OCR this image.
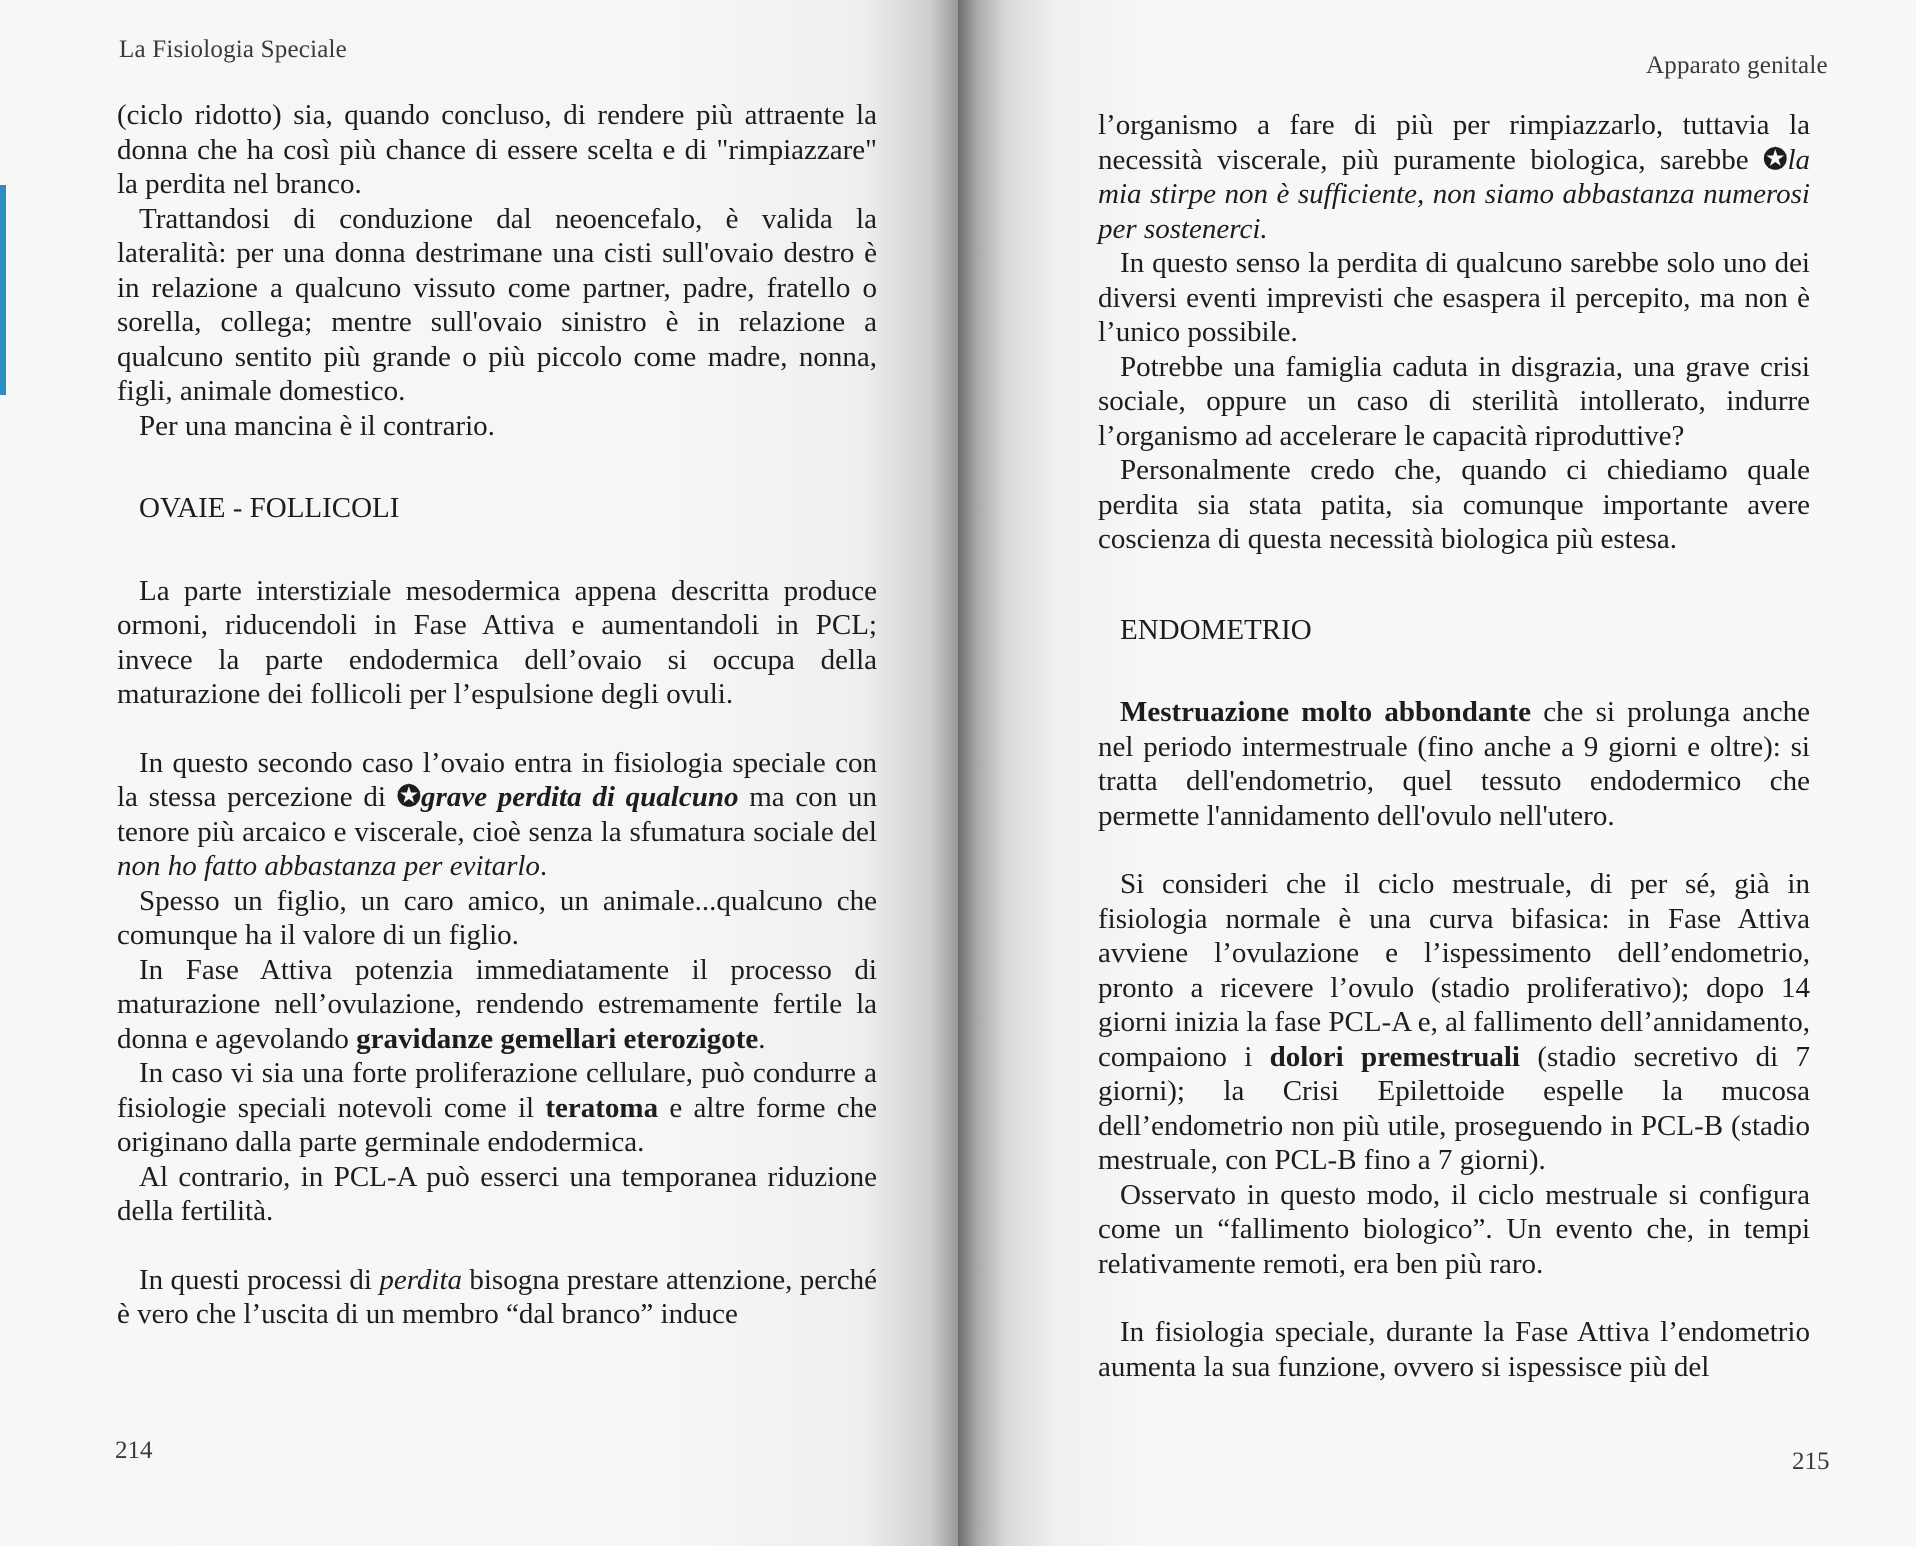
La Fisiologia Speciale

(ciclo ridotto) sia, quando concluso, di rendere più attraente la donna che ha così più chance di essere scelta e di "rimpiazzare" la perdita nel branco.

Trattandosi di conduzione dal neoencefalo, è valida la lateralità: per una donna destrimane una cisti sull'ovaio destro è in relazione a qualcuno vissuto come partner, padre, fratello o sorella, collega; mentre sull'ovaio sinistro è in relazione a qualcuno sentito più grande o più piccolo come madre, nonna, figli, animale domestico.

Per una mancina è il contrario.

OVAIE - FOLLICOLI

La parte interstiziale mesodermica appena descritta produce ormoni, riducendoli in Fase Attiva e aumentandoli in PCL; invece la parte endodermica dell’ovaio si occupa della maturazione dei follicoli per l’espulsione degli ovuli.

In questo secondo caso l’ovaio entra in fisiologia speciale con la stessa percezione di ✪grave perdita di qualcuno ma con un tenore più arcaico e viscerale, cioè senza la sfumatura sociale del non ho fatto abbastanza per evitarlo.

Spesso un figlio, un caro amico, un animale...qualcuno che comunque ha il valore di un figlio.

In Fase Attiva potenzia immediatamente il processo di maturazione nell’ovulazione, rendendo estremamente fertile la donna e agevolando gravidanze gemellari eterozigote.

In caso vi sia una forte proliferazione cellulare, può condurre a fisiologie speciali notevoli come il teratoma e altre forme che originano dalla parte germinale endodermica.

Al contrario, in PCL-A può esserci una temporanea riduzione della fertilità.

In questi processi di perdita bisogna prestare attenzione, perché è vero che l’uscita di un membro “dal branco” induce

214
Apparato genitale

l’organismo a fare di più per rimpiazzarlo, tuttavia la necessità viscerale, più puramente biologica, sarebbe ✪la mia stirpe non è sufficiente, non siamo abbastanza numerosi per sostenerci.

In questo senso la perdita di qualcuno sarebbe solo uno dei diversi eventi imprevisti che esaspera il percepito, ma non è l’unico possibile.

Potrebbe una famiglia caduta in disgrazia, una grave crisi sociale, oppure un caso di sterilità intollerato, indurre l’organismo ad accelerare le capacità riproduttive?

Personalmente credo che, quando ci chiediamo quale perdita sia stata patita, sia comunque importante avere coscienza di questa necessità biologica più estesa.

ENDOMETRIO

Mestruazione molto abbondante che si prolunga anche nel periodo intermestruale (fino anche a 9 giorni e oltre): si tratta dell'endometrio, quel tessuto endodermico che permette l'annidamento dell'ovulo nell'utero.

Si consideri che il ciclo mestruale, di per sé, già in fisiologia normale è una curva bifasica: in Fase Attiva avviene l’ovulazione e l’ispessimento dell’endometrio, pronto a ricevere l’ovulo (stadio proliferativo); dopo 14 giorni inizia la fase PCL-A e, al fallimento dell’annidamento, compaiono i dolori premestruali (stadio secretivo di 7 giorni); la Crisi Epilettoide espelle la mucosa dell’endometrio non più utile, proseguendo in PCL-B (stadio mestruale, con PCL-B fino a 7 giorni).

Osservato in questo modo, il ciclo mestruale si configura come un “fallimento biologico”. Un evento che, in tempi relativamente remoti, era ben più raro.

In fisiologia speciale, durante la Fase Attiva l’endometrio aumenta la sua funzione, ovvero si ispessisce più del

215
